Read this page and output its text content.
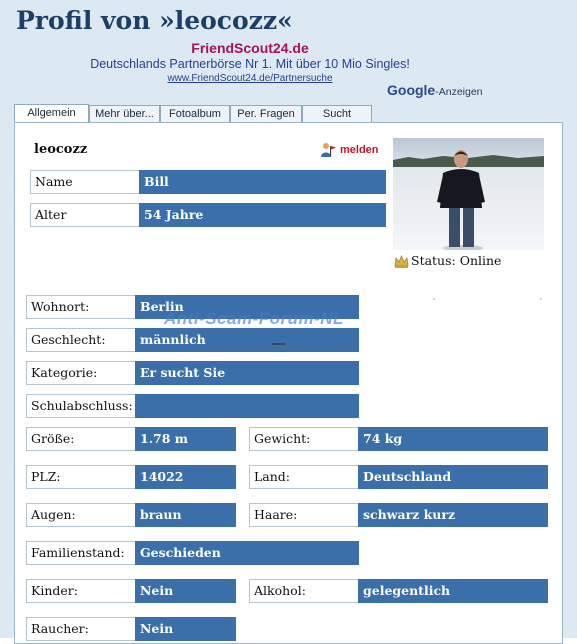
Profil von »leocozz«
FriendScout24.de
Deutschlands Partnerbörse Nr 1. Mit über 10 Mio Singles!
www.FriendScout24.de/Partnersuche
Google-Anzeigen
Allgemein	Mehr über...	Fotoalbum	Per. Fragen	Sucht
leocozz	melden
Status: Online
Name	Bill
Alter	54 Jahre
Wohnort:	Berlin
Geschlecht:	männlich
Kategorie:	Er sucht Sie
Schulabschluss:
Größe:	1.78 m	Gewicht:	74 kg
PLZ:	14022	Land:	Deutschland
Augen:	braun	Haare:	schwarz kurz
Familienstand:	Geschieden
Kinder:	Nein	Alkohol:	gelegentlich
Raucher:	Nein
Anti-Scam-Forum-NL
